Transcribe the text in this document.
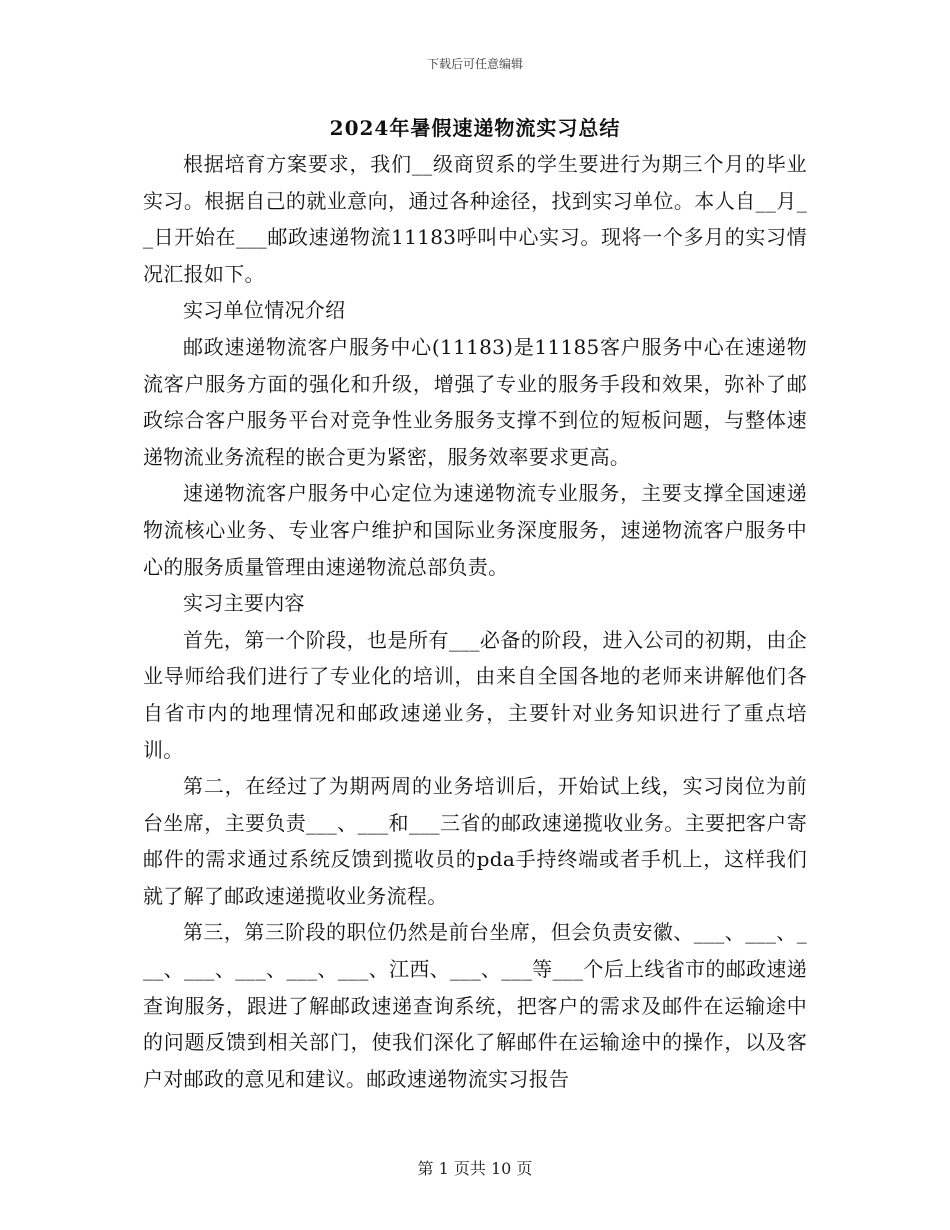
下载后可任意编辑
2024年暑假速递物流实习总结

根据培育方案要求，我们__级商贸系的学生要进行为期三个月的毕业实习。根据自己的就业意向，通过各种途径，找到实习单位。本人自__月__日开始在___邮政速递物流11183呼叫中心实习。现将一个多月的实习情况汇报如下。

实习单位情况介绍

邮政速递物流客户服务中心(11183)是11185客户服务中心在速递物流客户服务方面的强化和升级，增强了专业的服务手段和效果，弥补了邮政综合客户服务平台对竞争性业务服务支撑不到位的短板问题，与整体速递物流业务流程的嵌合更为紧密，服务效率要求更高。

速递物流客户服务中心定位为速递物流专业服务，主要支撑全国速递物流核心业务、专业客户维护和国际业务深度服务，速递物流客户服务中心的服务质量管理由速递物流总部负责。

实习主要内容

首先，第一个阶段，也是所有___必备的阶段，进入公司的初期，由企业导师给我们进行了专业化的培训，由来自全国各地的老师来讲解他们各自省市内的地理情况和邮政速递业务，主要针对业务知识进行了重点培训。

第二，在经过了为期两周的业务培训后，开始试上线，实习岗位为前台坐席，主要负责___、___和___三省的邮政速递揽收业务。主要把客户寄邮件的需求通过系统反馈到揽收员的pda手持终端或者手机上，这样我们就了解了邮政速递揽收业务流程。

第三，第三阶段的职位仍然是前台坐席，但会负责安徽、___、___、___、___、___、___、___、江西、___、___等___个后上线省市的邮政速递查询服务，跟进了解邮政速递查询系统，把客户的需求及邮件在运输途中的问题反馈到相关部门，使我们深化了解邮件在运输途中的操作，以及客户对邮政的意见和建议。邮政速递物流实习报告

第 1 页共 10 页
